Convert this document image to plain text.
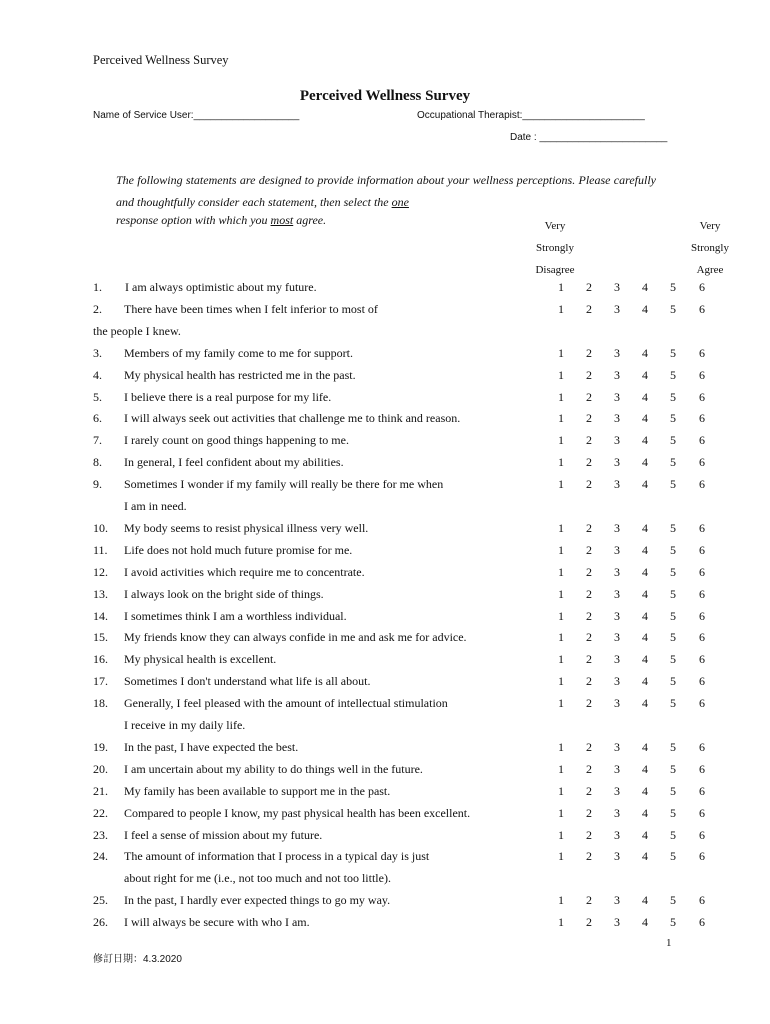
Perceived Wellness Survey
Perceived Wellness Survey
Name of Service User:___________________	Occupational Therapist:______________________
Date : _______________________
The following statements are designed to provide information about your wellness perceptions. Please carefully and thoughtfully consider each statement, then select the one
response option with which you most agree.	Very
Strongly
Disagree
Very
Strongly
Agree
1. I am always optimistic about my future.	1 2 3 4 5 6
2. There have been times when I felt inferior to most of	1 2 3 4 5 6
the people I knew.
3. Members of my family come to me for support.	1 2 3 4 5 6
4. My physical health has restricted me in the past.	1 2 3 4 5 6
5. I believe there is a real purpose for my life.	1 2 3 4 5 6
6. I will always seek out activities that challenge me to think and reason.	1 2 3 4 5 6
7. I rarely count on good things happening to me.	1 2 3 4 5 6
8. In general, I feel confident about my abilities.	1 2 3 4 5 6
9. Sometimes I wonder if my family will really be there for me when	1 2 3 4 5 6
I am in need.
10. My body seems to resist physical illness very well.	1 2 3 4 5 6
11. Life does not hold much future promise for me.	1 2 3 4 5 6
12. I avoid activities which require me to concentrate.	1 2 3 4 5 6
13. I always look on the bright side of things.	1 2 3 4 5 6
14. I sometimes think I am a worthless individual.	1 2 3 4 5 6
15. My friends know they can always confide in me and ask me for advice.	1 2 3 4 5 6
16. My physical health is excellent.	1 2 3 4 5 6
17. Sometimes I don't understand what life is all about.	1 2 3 4 5 6
18. Generally, I feel pleased with the amount of intellectual stimulation	1 2 3 4 5 6
I receive in my daily life.
19. In the past, I have expected the best.	1 2 3 4 5 6
20. I am uncertain about my ability to do things well in the future.	1 2 3 4 5 6
21. My family has been available to support me in the past.	1 2 3 4 5 6
22. Compared to people I know, my past physical health has been excellent.	1 2 3 4 5 6
23. I feel a sense of mission about my future.	1 2 3 4 5 6
24. The amount of information that I process in a typical day is just	1 2 3 4 5 6
about right for me (i.e., not too much and not too little).
25. In the past, I hardly ever expected things to go my way.	1 2 3 4 5 6
26. I will always be secure with who I am.	1 2 3 4 5 6
1
修訂日期：4.3.2020
